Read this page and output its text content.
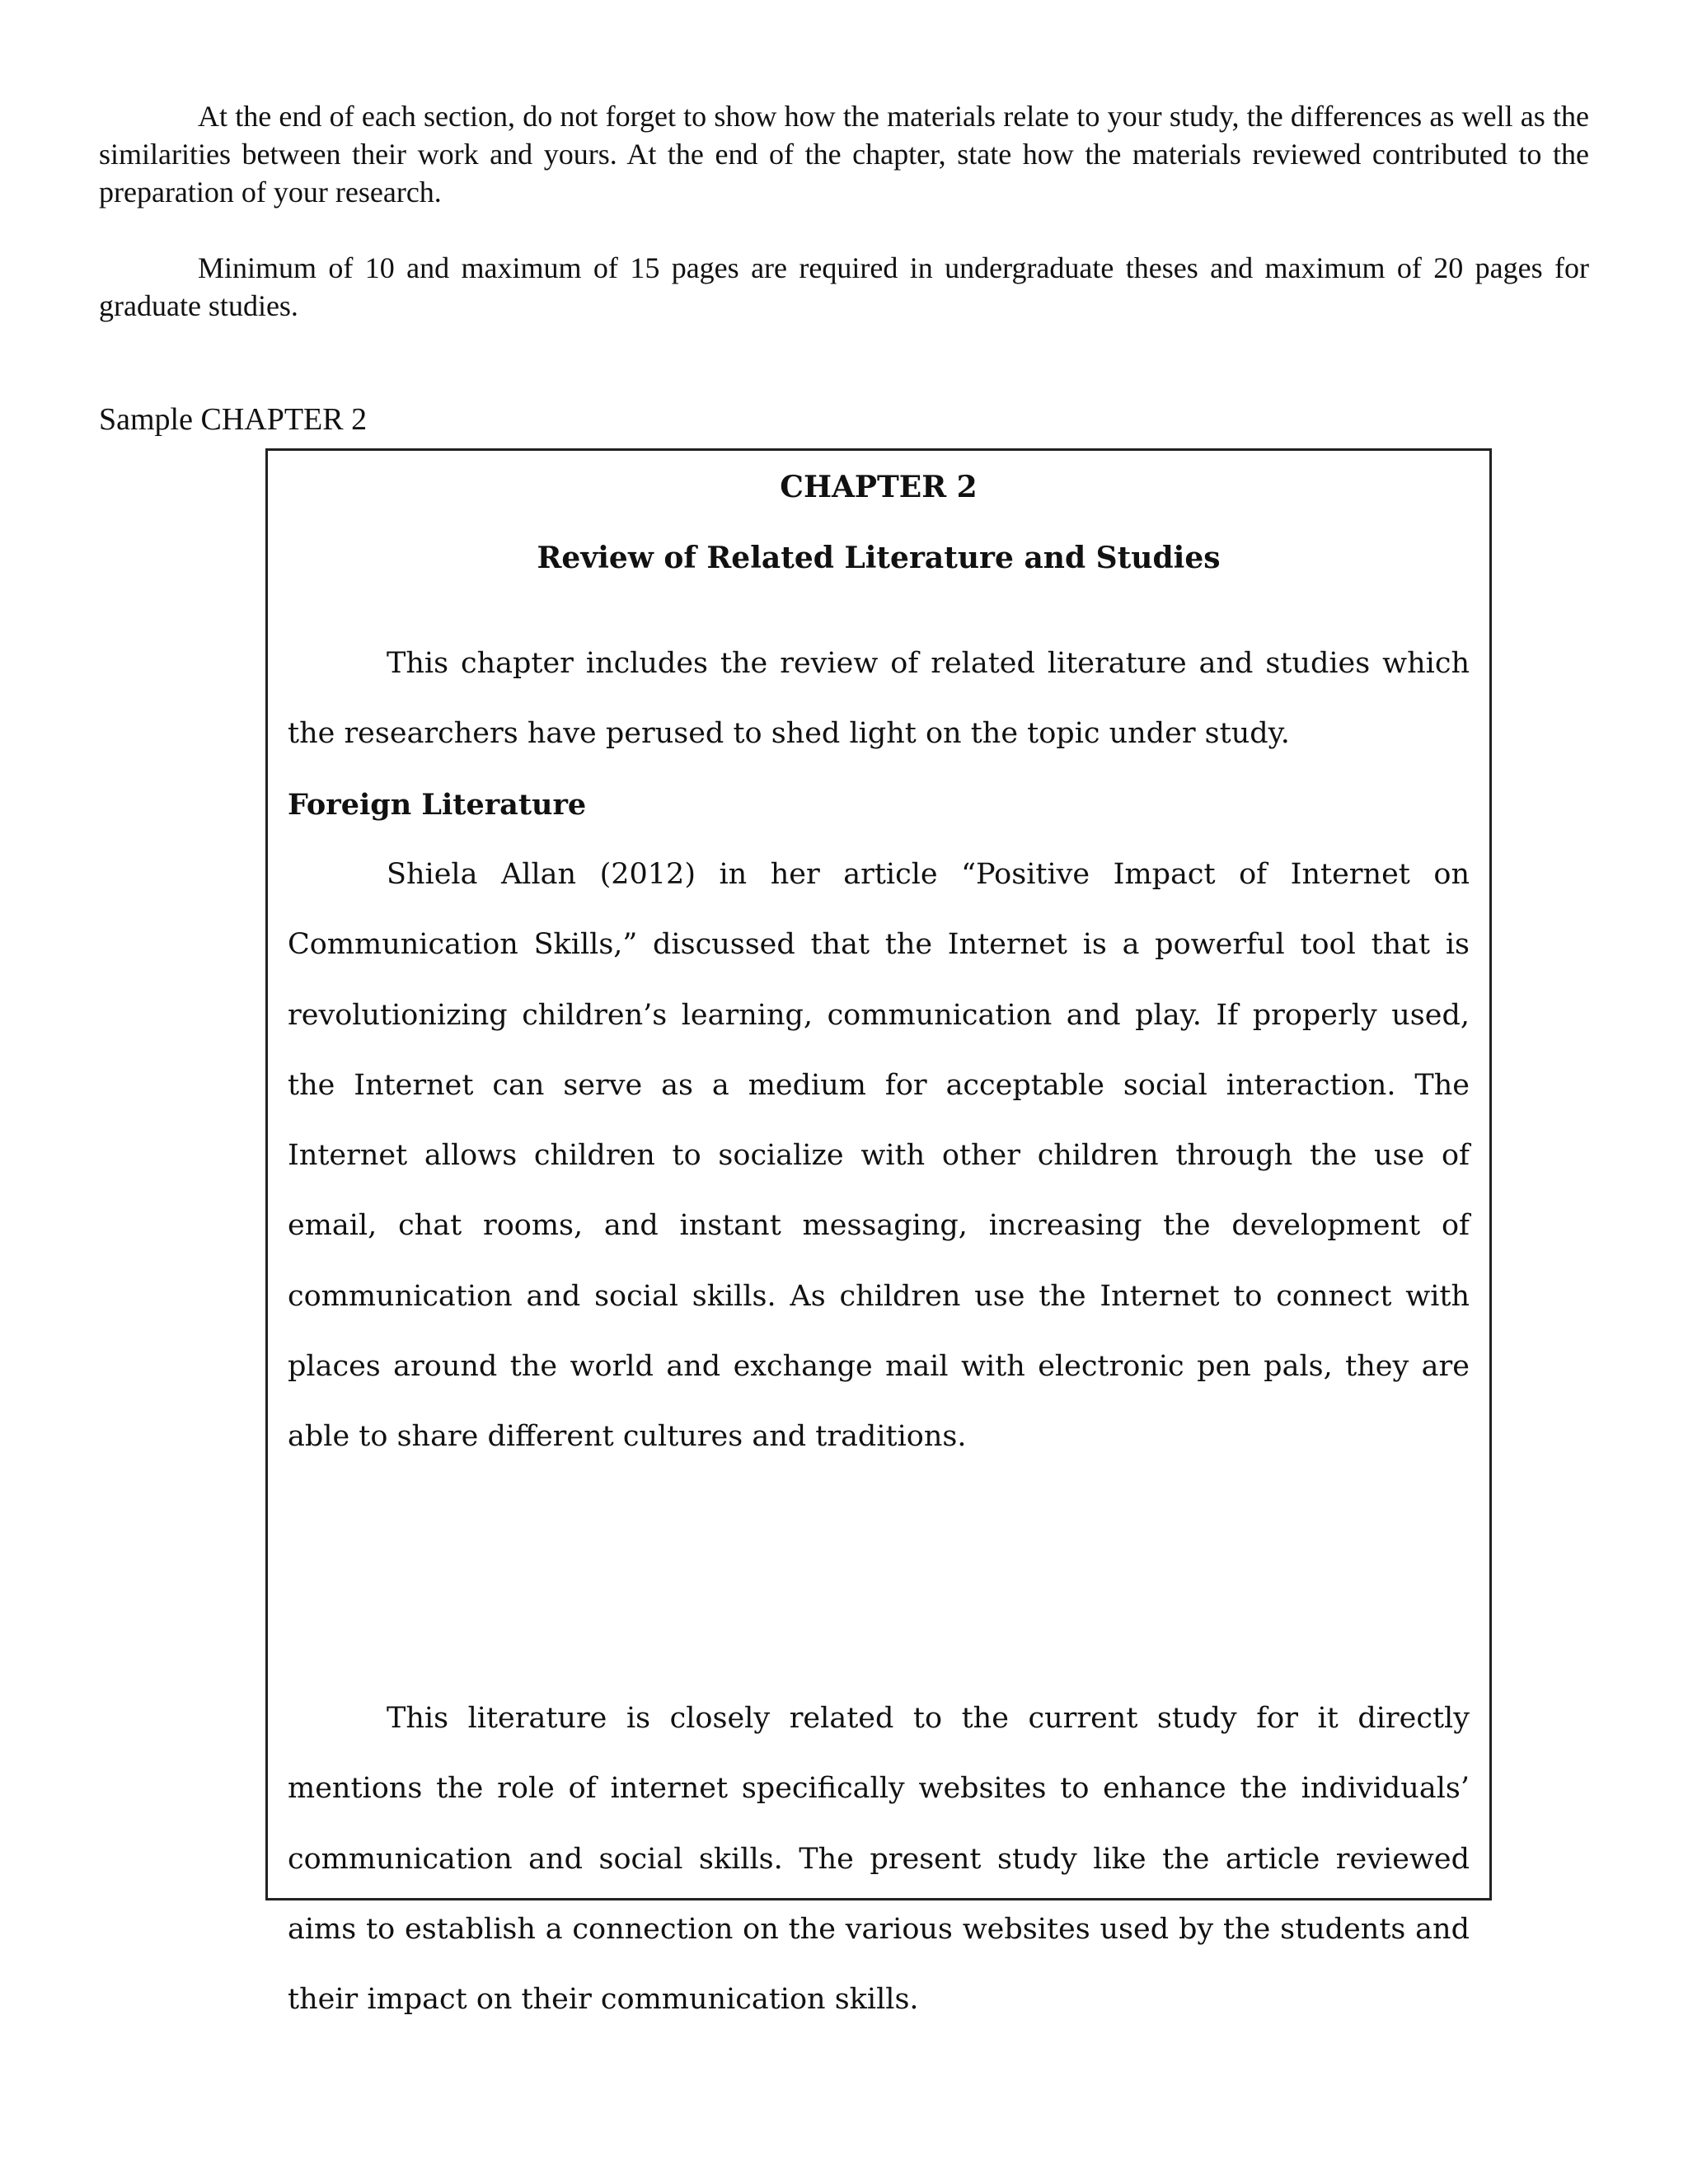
At the end of each section, do not forget to show how the materials relate to your study, the differences as well as the similarities between their work and yours. At the end of the chapter, state how the materials reviewed contributed to the preparation of your research.

Minimum of 10 and maximum of 15 pages are required in undergraduate theses and maximum of 20 pages for graduate studies.

Sample CHAPTER 2

CHAPTER 2

Review of Related Literature and Studies

This chapter includes the review of related literature and studies which the researchers have perused to shed light on the topic under study.

Foreign Literature

Shiela Allan (2012) in her article “Positive Impact of Internet on Communication Skills,” discussed that the Internet is a powerful tool that is revolutionizing children’s learning, communication and play. If properly used, the Internet can serve as a medium for acceptable social interaction. The Internet allows children to socialize with other children through the use of email, chat rooms, and instant messaging, increasing the development of communication and social skills. As children use the Internet to connect with places around the world and exchange mail with electronic pen pals, they are able to share different cultures and traditions.

This literature is closely related to the current study for it directly mentions the role of internet specifically websites to enhance the individuals’ communication and social skills. The present study like the article reviewed aims to establish a connection on the various websites used by the students and their impact on their communication skills.
